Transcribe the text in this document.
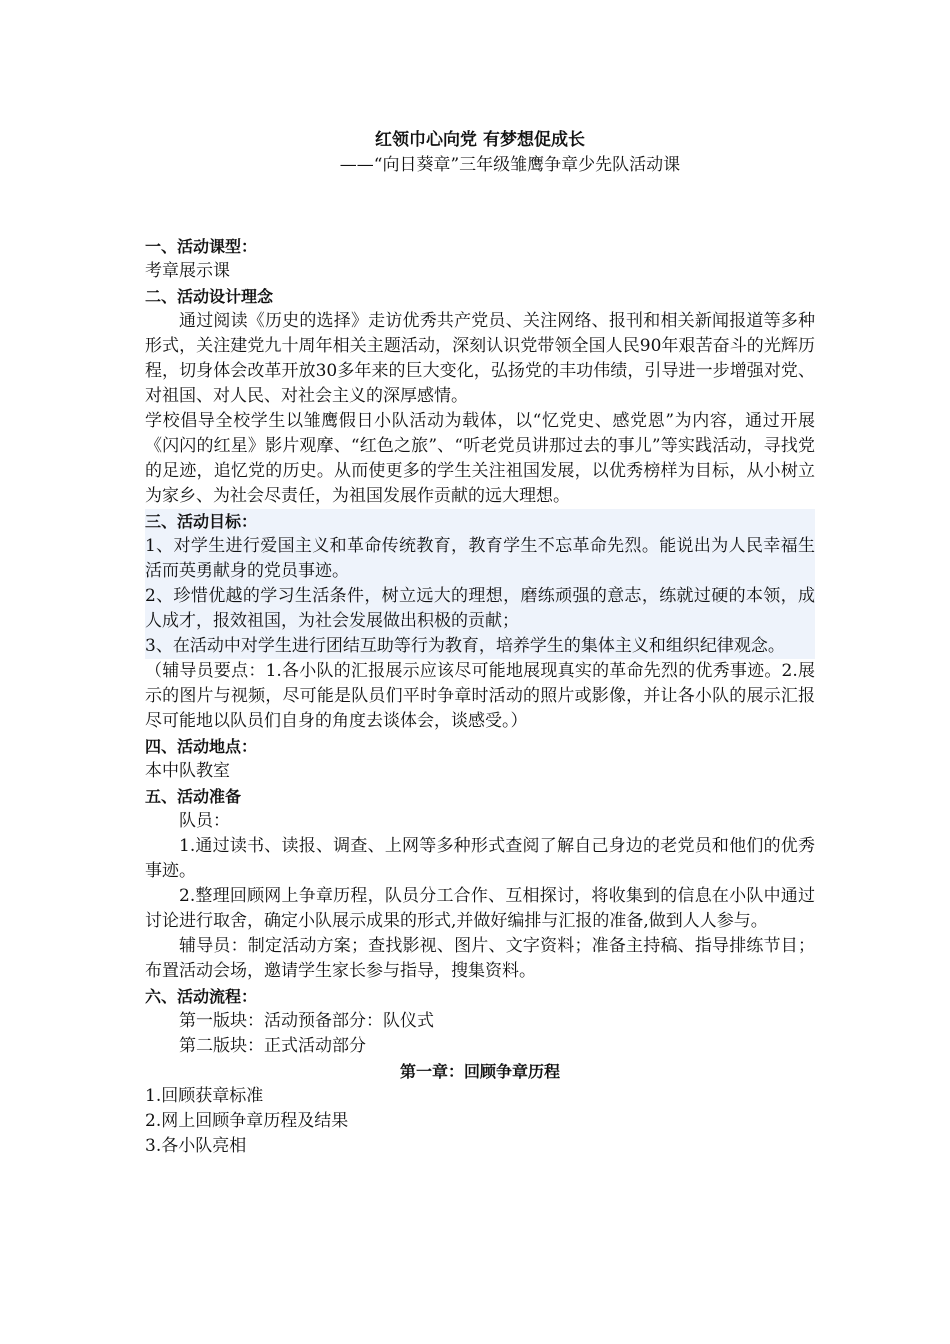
红领巾心向党 有梦想促成长
——“向日葵章”三年级雏鹰争章少先队活动课
一、活动课型：
考章展示课
二、活动设计理念
通过阅读《历史的选择》走访优秀共产党员、关注网络、报刊和相关新闻报道等多种形式，关注建党九十周年相关主题活动，深刻认识党带领全国人民90年艰苦奋斗的光辉历程，切身体会改革开放30多年来的巨大变化，弘扬党的丰功伟绩，引导进一步增强对党、对祖国、对人民、对社会主义的深厚感情。
学校倡导全校学生以雏鹰假日小队活动为载体，以“忆党史、感党恩”为内容，通过开展《闪闪的红星》影片观摩、“红色之旅”、“听老党员讲那过去的事儿”等实践活动，寻找党的足迹，追忆党的历史。从而使更多的学生关注祖国发展，以优秀榜样为目标，从小树立为家乡、为社会尽责任，为祖国发展作贡献的远大理想。
三、活动目标：
1、对学生进行爱国主义和革命传统教育，教育学生不忘革命先烈。能说出为人民幸福生活而英勇献身的党员事迹。
2、珍惜优越的学习生活条件，树立远大的理想，磨练顽强的意志，练就过硬的本领，成人成才，报效祖国，为社会发展做出积极的贡献；
3、在活动中对学生进行团结互助等行为教育，培养学生的集体主义和组织纪律观念。
（辅导员要点：1.各小队的汇报展示应该尽可能地展现真实的革命先烈的优秀事迹。2.展示的图片与视频，尽可能是队员们平时争章时活动的照片或影像，并让各小队的展示汇报尽可能地以队员们自身的角度去谈体会，谈感受。）
四、活动地点：
本中队教室
五、活动准备
队员：
1.通过读书、读报、调查、上网等多种形式查阅了解自己身边的老党员和他们的优秀事迹。
2.整理回顾网上争章历程，队员分工合作、互相探讨，将收集到的信息在小队中通过讨论进行取舍，确定小队展示成果的形式,并做好编排与汇报的准备,做到人人参与。
辅导员：制定活动方案；查找影视、图片、文字资料；准备主持稿、指导排练节目；布置活动会场，邀请学生家长参与指导，搜集资料。
六、活动流程：
第一版块：活动预备部分：队仪式
第二版块：正式活动部分
第一章：回顾争章历程
1.回顾获章标准
2.网上回顾争章历程及结果
3.各小队亮相
